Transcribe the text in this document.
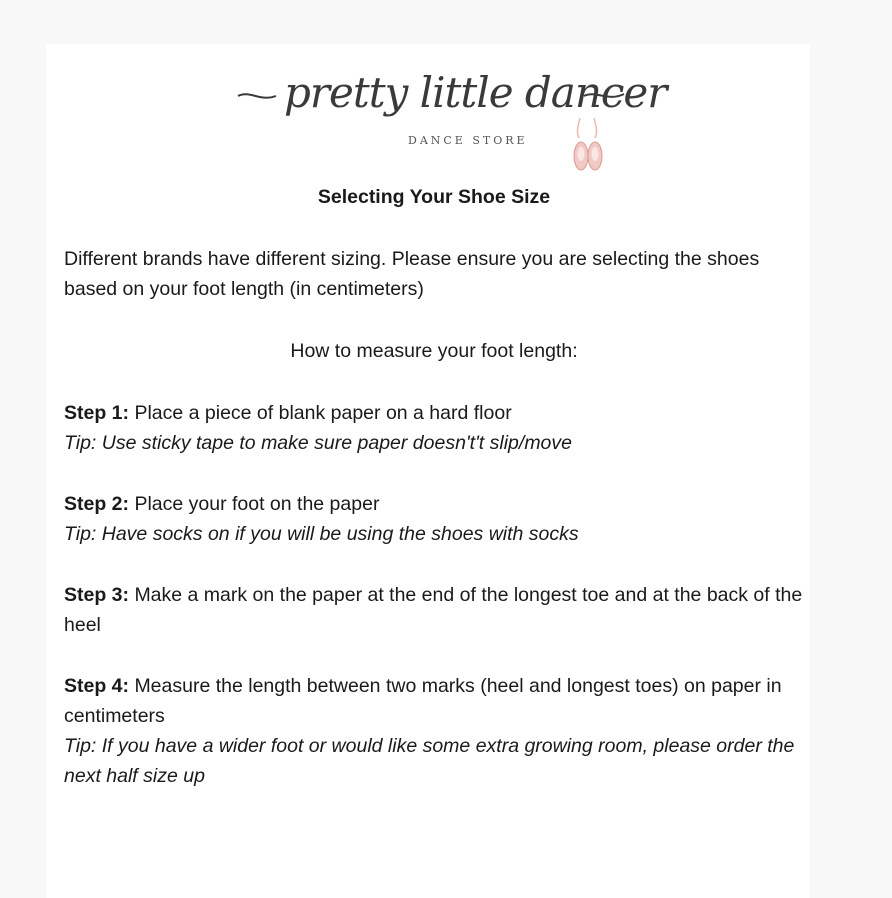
pretty little dancer
DANCE STORE
Selecting Your Shoe Size
Different brands have different sizing. Please ensure you are selecting the shoes based on your foot length (in centimeters)
How to measure your foot length:
Step 1: Place a piece of blank paper on a hard floor
Tip: Use sticky tape to make sure paper doesn't't slip/move
Step 2: Place your foot on the paper
Tip: Have socks on if you will be using the shoes with socks
Step 3: Make a mark on the paper at the end of the longest toe and at the back of the heel
Step 4: Measure the length between two marks (heel and longest toes) on paper in centimeters
Tip: If you have a wider foot or would like some extra growing room, please order the next half size up
